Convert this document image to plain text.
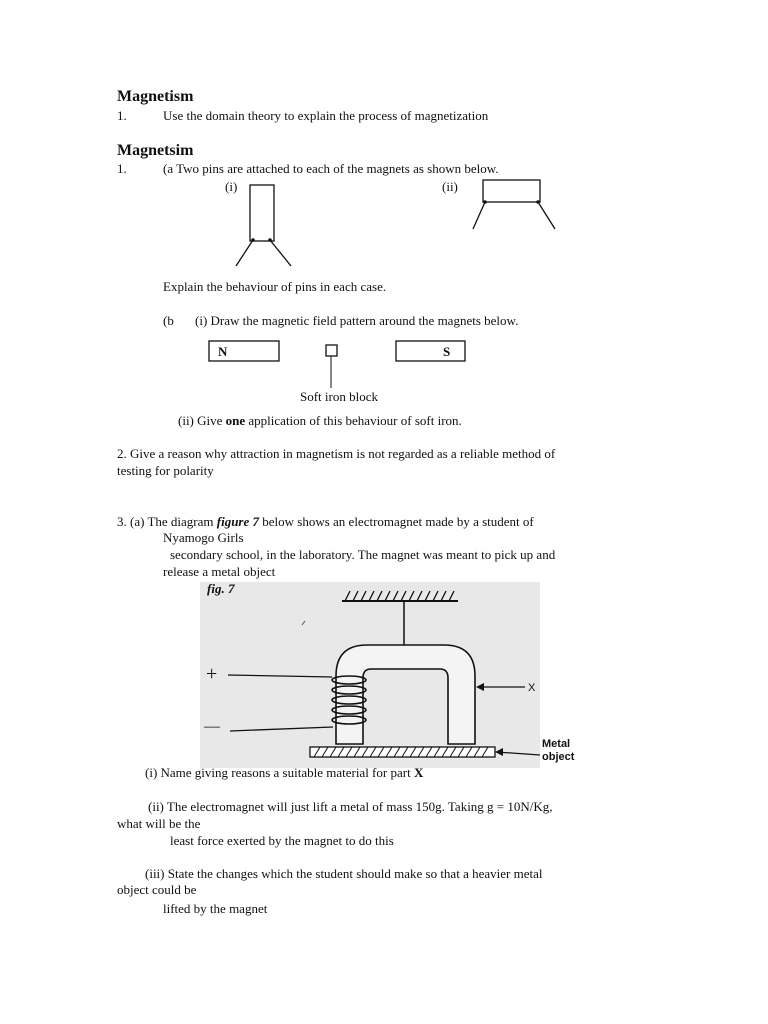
Magnetism
1.	Use the domain theory to explain the process of magnetization
Magnetsim
1.	(a Two pins are attached to each of the magnets as shown below.
(i)	(ii)
Explain the behaviour of pins in each case.
(b (i) Draw the magnetic field pattern around the magnets below.
N	S
Soft iron block
(ii) Give one application of this behaviour of soft iron.
2. Give a reason why attraction in magnetism is not regarded as a reliable method of
testing for polarity
3. (a) The diagram figure 7 below shows an electromagnet made by a student of
Nyamogo Girls
secondary school, in the laboratory. The magnet was meant to pick up and
release a metal object
fig. 7
+
—
X
Metal
object
(i) Name giving reasons a suitable material for part X
(ii) The electromagnet will just lift a metal of mass 150g. Taking g = 10N/Kg,
what will be the
least force exerted by the magnet to do this
(iii) State the changes which the student should make so that a heavier metal
object could be
lifted by the magnet
